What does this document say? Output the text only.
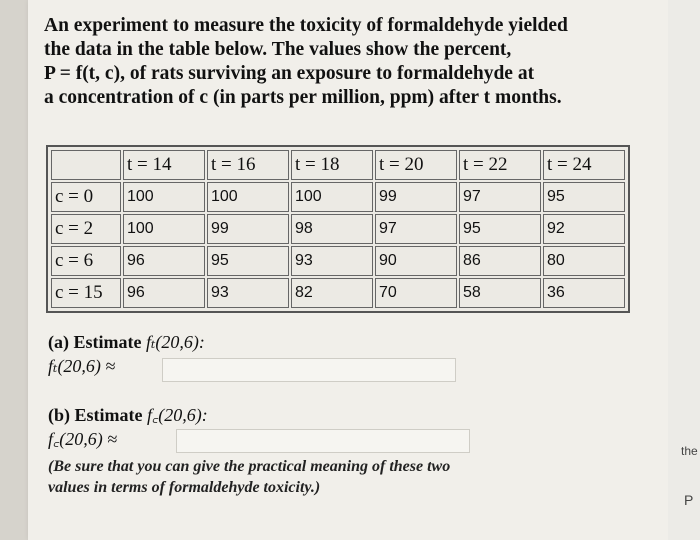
An experiment to measure the toxicity of formaldehyde yielded
the data in the table below. The values show the percent,
P = f(t, c), of rats surviving an exposure to formaldehyde at
a concentration of c (in parts per million, ppm) after t months.
	t = 14	t = 16	t = 18	t = 20	t = 22	t = 24
c = 0	100	100	100	99	97	95
c = 2	100	99	98	97	95	92
c = 6	96	95	93	90	86	80
c = 15	96	93	82	70	58	36
(a) Estimate fₜ(20,6):
fₜ(20,6) ≈
(b) Estimate f꜀(20,6):
f꜀(20,6) ≈
(Be sure that you can give the practical meaning of these two
values in terms of formaldehyde toxicity.)
the
P
